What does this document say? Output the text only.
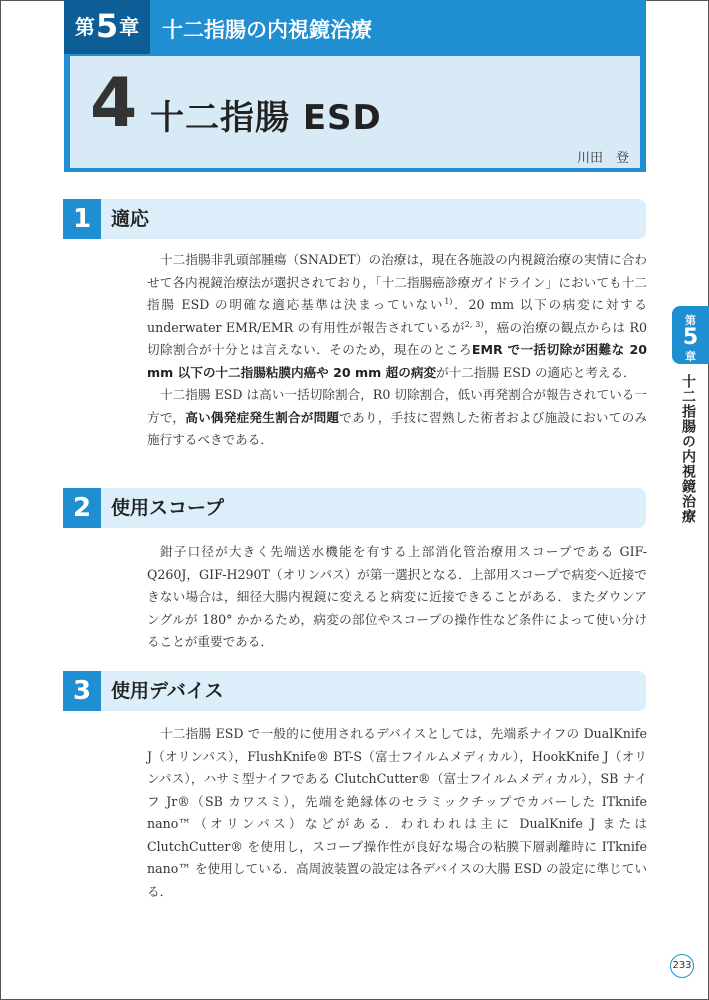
第5章	十二指腸の内視鏡治療
4 十二指腸 ESD
川田　登
1	適応

十二指腸非乳頭部腫瘍（SNADET）の治療は，現在各施設の内視鏡治療の実情に合わせて各内視鏡治療法が選択されており，「十二指腸癌診療ガイドライン」においても十二指腸 ESD の明確な適応基準は決まっていない$^{1)}$．20 mm 以下の病変に対する underwater EMR/EMR の有用性が報告されているが$^{2, 3)}$，癌の治療の観点からは R0 切除割合が十分とは言えない．そのため，現在のところEMR で一括切除が困難な 20 mm 以下の十二指腸粘膜内癌や 20 mm 超の病変が十二指腸 ESD の適応と考える．

十二指腸 ESD は高い一括切除割合，R0 切除割合，低い再発割合が報告されている一方で，高い偶発症発生割合が問題であり，手技に習熟した術者および施設においてのみ施行するべきである．

2	使用スコープ

鉗子口径が大きく先端送水機能を有する上部消化管治療用スコープである GIF-Q260J，GIF-H290T（オリンパス）が第一選択となる．上部用スコープで病変へ近接できない場合は，細径大腸内視鏡に変えると病変に近接できることがある．またダウンアングルが 180° かかるため，病変の部位やスコープの操作性など条件によって使い分けることが重要である．

3	使用デバイス

十二指腸 ESD で一般的に使用されるデバイスとしては，先端系ナイフの DualKnife J（オリンパス），FlushKnife® BT-S（富士フイルムメディカル），HookKnife J（オリンパス），ハサミ型ナイフである ClutchCutter®（富士フイルムメディカル），SB ナイフ Jr®（SB カワスミ），先端を絶縁体のセラミックチップでカバーした ITknife nano™（オリンパス）などがある．われわれは主に DualKnife J または ClutchCutter® を使用し，スコープ操作性が良好な場合の粘膜下層剥離時に ITknife nano™ を使用している．高周波装置の設定は各デバイスの大腸 ESD の設定に準じている．

第
5
章
十二指腸の内視鏡治療
233
